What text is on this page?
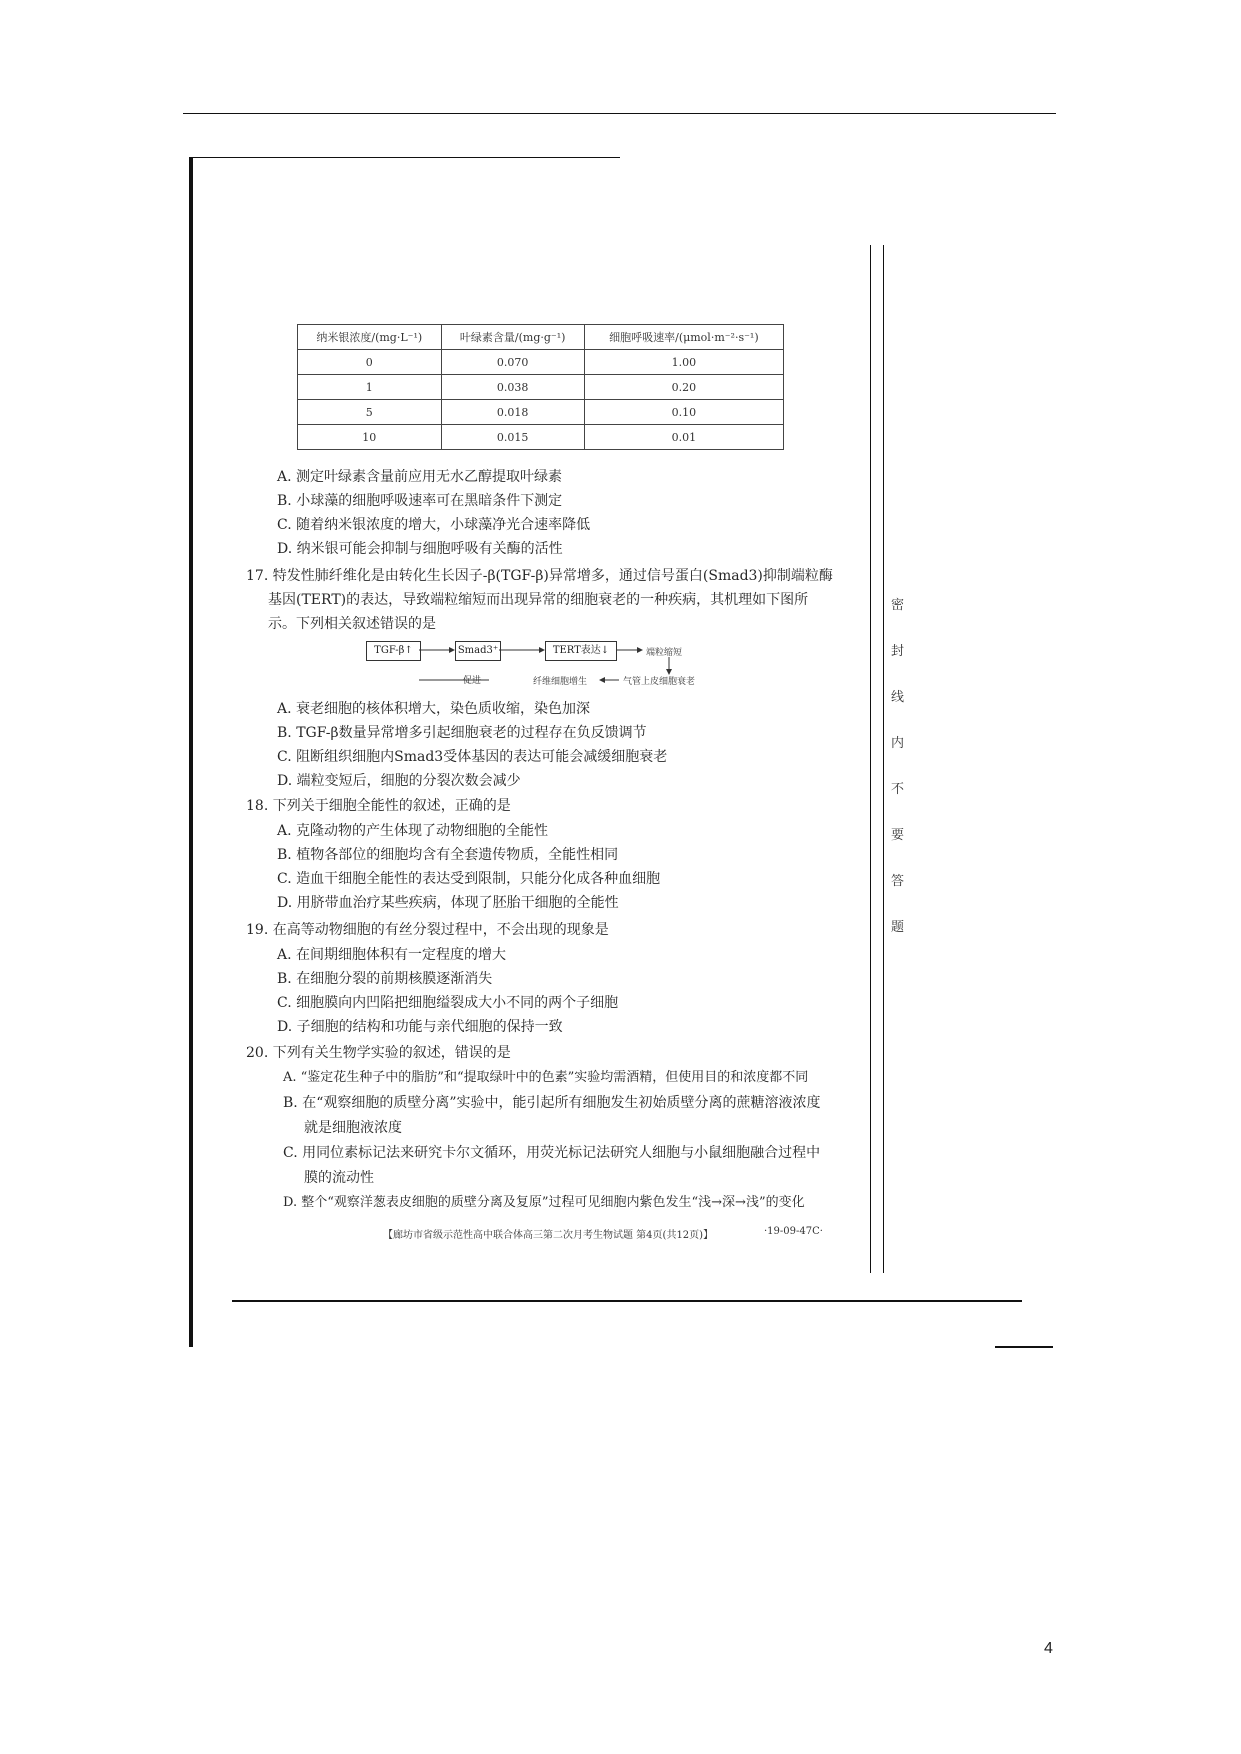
纳米银浓度/(mg·L⁻¹)	叶绿素含量/(mg·g⁻¹)	细胞呼吸速率/(μmol·m⁻²·s⁻¹)
0	0.070	1.00
1	0.038	0.20
5	0.018	0.10
10	0.015	0.01
A. 测定叶绿素含量前应用无水乙醇提取叶绿素
B. 小球藻的细胞呼吸速率可在黑暗条件下测定
C. 随着纳米银浓度的增大，小球藻净光合速率降低
D. 纳米银可能会抑制与细胞呼吸有关酶的活性
17. 特发性肺纤维化是由转化生长因子-β(TGF-β)异常增多，通过信号蛋白(Smad3)抑制端粒酶
基因(TERT)的表达，导致端粒缩短而出现异常的细胞衰老的一种疾病，其机理如下图所
示。下列相关叙述错误的是
TGF-β↑	Smad3⁺	TERT表达↓	端粒缩短
促进	纤维细胞增生	气管上皮细胞衰老
A. 衰老细胞的核体积增大，染色质收缩，染色加深
B. TGF-β数量异常增多引起细胞衰老的过程存在负反馈调节
C. 阻断组织细胞内Smad3受体基因的表达可能会减缓细胞衰老
D. 端粒变短后，细胞的分裂次数会减少
18. 下列关于细胞全能性的叙述，正确的是
A. 克隆动物的产生体现了动物细胞的全能性
B. 植物各部位的细胞均含有全套遗传物质，全能性相同
C. 造血干细胞全能性的表达受到限制，只能分化成各种血细胞
D. 用脐带血治疗某些疾病，体现了胚胎干细胞的全能性
19. 在高等动物细胞的有丝分裂过程中，不会出现的现象是
A. 在间期细胞体积有一定程度的增大
B. 在细胞分裂的前期核膜逐渐消失
C. 细胞膜向内凹陷把细胞缢裂成大小不同的两个子细胞
D. 子细胞的结构和功能与亲代细胞的保持一致
20. 下列有关生物学实验的叙述，错误的是
A. “鉴定花生种子中的脂肪”和“提取绿叶中的色素”实验均需酒精，但使用目的和浓度都不同
B. 在“观察细胞的质壁分离”实验中，能引起所有细胞发生初始质壁分离的蔗糖溶液浓度
就是细胞液浓度
C. 用同位素标记法来研究卡尔文循环，用荧光标记法研究人细胞与小鼠细胞融合过程中
膜的流动性
D. 整个“观察洋葱表皮细胞的质壁分离及复原”过程可见细胞内紫色发生“浅→深→浅”的变化
【廊坊市省级示范性高中联合体高三第二次月考生物试题 第4页(共12页)】	·19-09-47C·
密
封
线
内
不
要
答
题
4
